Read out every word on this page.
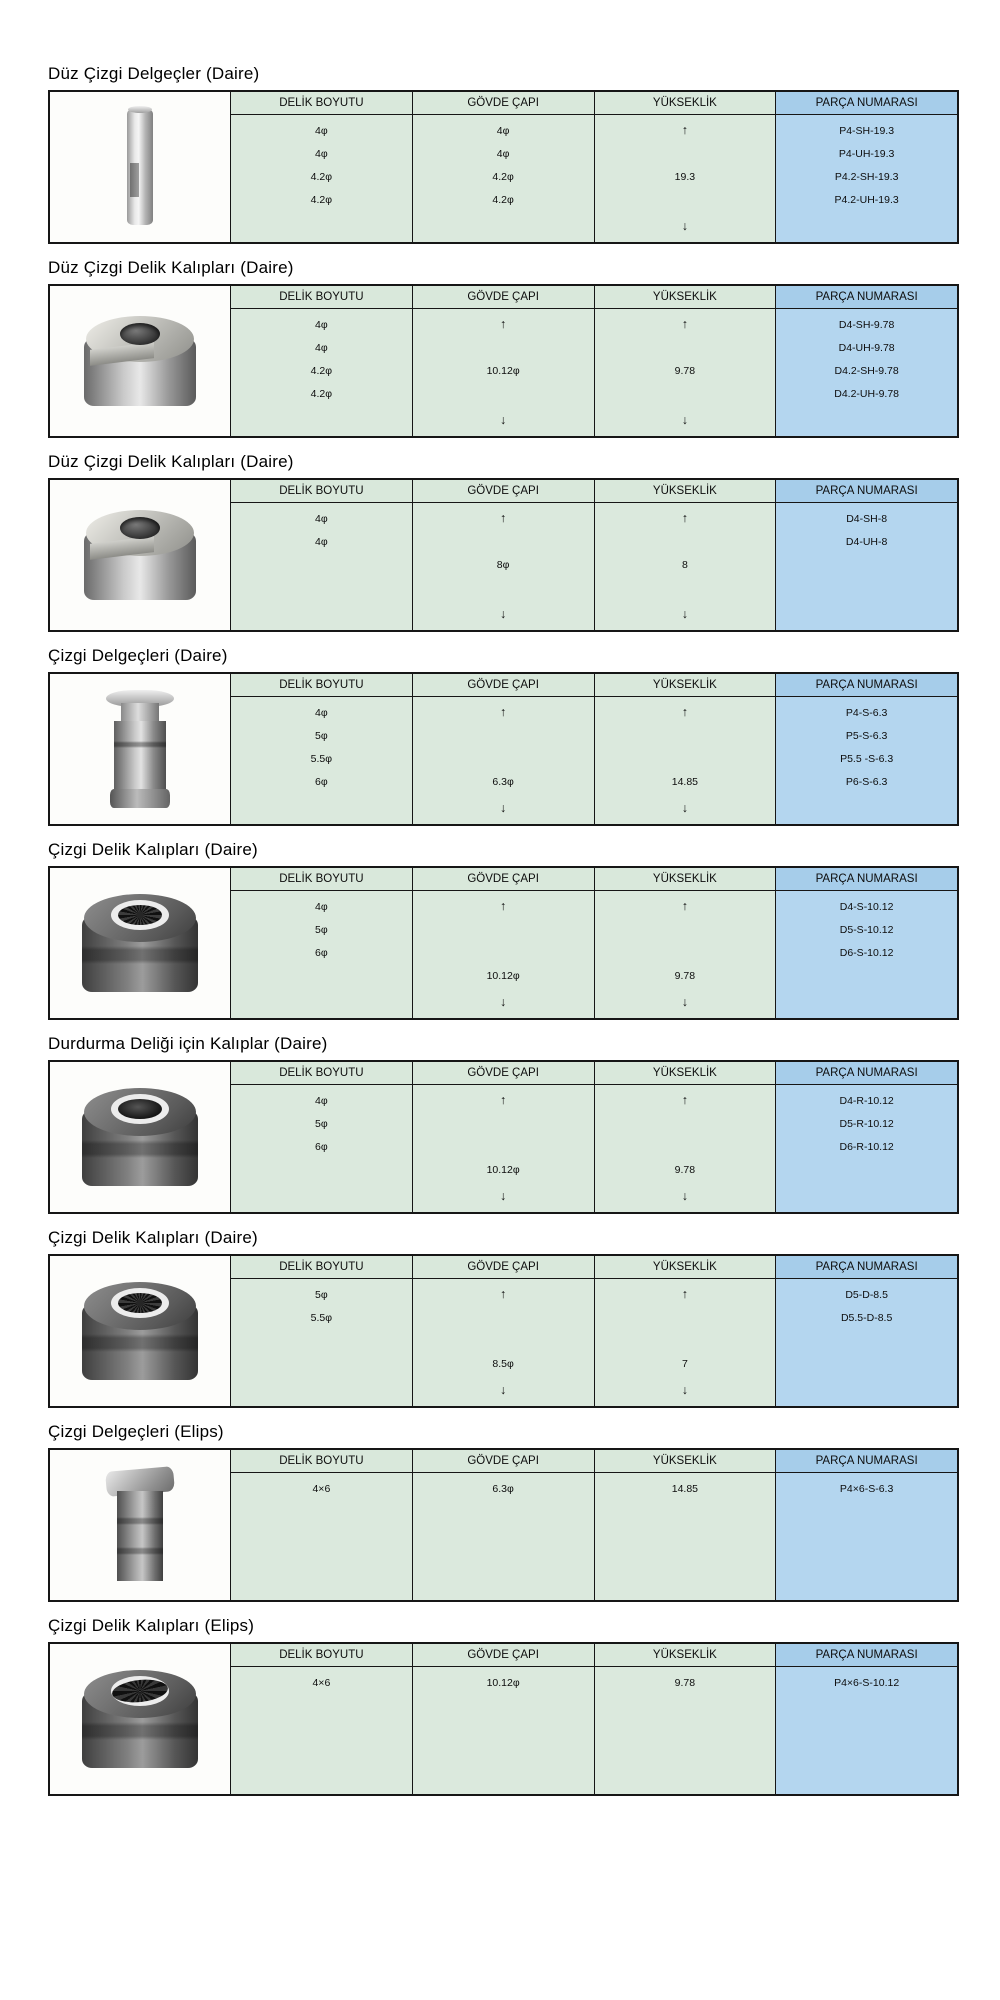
Düz Çizgi Delgeçler (Daire)
DELİK BOYUTU
4φ
4φ
4.2φ
4.2φ
GÖVDE ÇAPI
4φ
4φ
4.2φ
4.2φ
YÜKSEKLİK
↑
19.3
↓
PARÇA NUMARASI
P4-SH-19.3
P4-UH-19.3
P4.2-SH-19.3
P4.2-UH-19.3
Düz Çizgi Delik Kalıpları (Daire)
DELİK BOYUTU
4φ
4φ
4.2φ
4.2φ
GÖVDE ÇAPI
↑
10.12φ
↓
YÜKSEKLİK
↑
9.78
↓
PARÇA NUMARASI
D4-SH-9.78
D4-UH-9.78
D4.2-SH-9.78
D4.2-UH-9.78
Düz Çizgi Delik Kalıpları (Daire)
DELİK BOYUTU
4φ
4φ
GÖVDE ÇAPI
↑
8φ
↓
YÜKSEKLİK
↑
8
↓
PARÇA NUMARASI
D4-SH-8
D4-UH-8
Çizgi Delgeçleri (Daire)
DELİK BOYUTU
4φ
5φ
5.5φ
6φ
GÖVDE ÇAPI
↑
6.3φ
↓
YÜKSEKLİK
↑
14.85
↓
PARÇA NUMARASI
P4-S-6.3
P5-S-6.3
P5.5 -S-6.3
P6-S-6.3
Çizgi Delik Kalıpları (Daire)
DELİK BOYUTU
4φ
5φ
6φ
GÖVDE ÇAPI
↑
10.12φ
↓
YÜKSEKLİK
↑
9.78
↓
PARÇA NUMARASI
D4-S-10.12
D5-S-10.12
D6-S-10.12
Durdurma Deliği için Kalıplar (Daire)
DELİK BOYUTU
4φ
5φ
6φ
GÖVDE ÇAPI
↑
10.12φ
↓
YÜKSEKLİK
↑
9.78
↓
PARÇA NUMARASI
D4-R-10.12
D5-R-10.12
D6-R-10.12
Çizgi Delik Kalıpları (Daire)
DELİK BOYUTU
5φ
5.5φ
GÖVDE ÇAPI
↑
8.5φ
↓
YÜKSEKLİK
↑
7
↓
PARÇA NUMARASI
D5-D-8.5
D5.5-D-8.5
Çizgi Delgeçleri (Elips)
DELİK BOYUTU
4×6
GÖVDE ÇAPI
6.3φ
YÜKSEKLİK
14.85
PARÇA NUMARASI
P4×6-S-6.3
Çizgi Delik Kalıpları (Elips)
DELİK BOYUTU
4×6
GÖVDE ÇAPI
10.12φ
YÜKSEKLİK
9.78
PARÇA NUMARASI
P4×6-S-10.12
